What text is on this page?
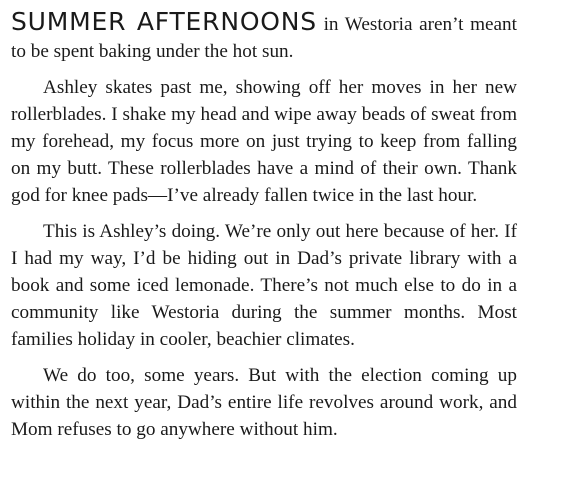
SUMMER AFTERNOONS in Westoria aren’t meant to be spent baking under the hot sun.

Ashley skates past me, showing off her moves in her new rollerblades. I shake my head and wipe away beads of sweat from my forehead, my focus more on just trying to keep from falling on my butt. These rollerblades have a mind of their own. Thank god for knee pads—I’ve already fallen twice in the last hour.

This is Ashley’s doing. We’re only out here because of her. If I had my way, I’d be hiding out in Dad’s private library with a book and some iced lemonade. There’s not much else to do in a community like Westoria during the summer months. Most families holiday in cooler, beachier climates.

We do too, some years. But with the election coming up within the next year, Dad’s entire life revolves around work, and Mom refuses to go anywhere without him.
